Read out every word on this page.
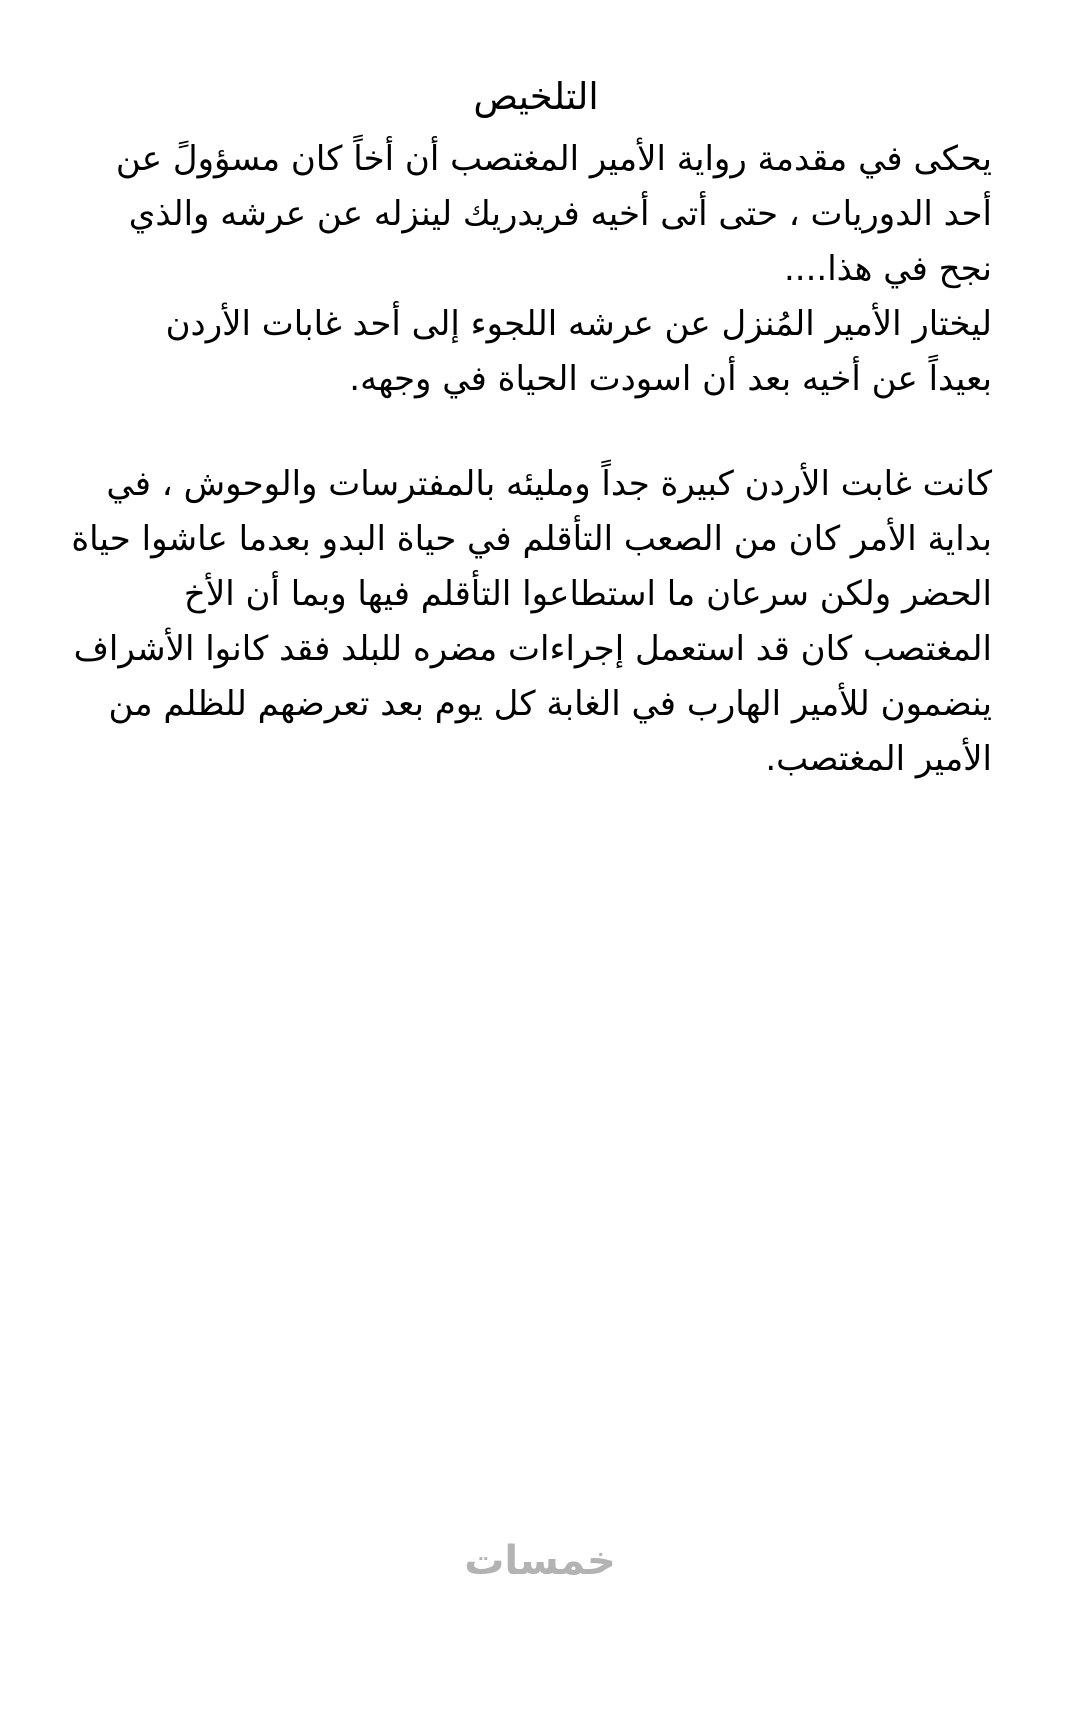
التلخيص
يحكى في مقدمة رواية الأمير المغتصب أن أخاً كان مسؤولً عن
أحد الدوريات ، حتى أتى أخيه فريدريك لينزله عن عرشه والذي
نجح في هذا....
ليختار الأمير المُنزل عن عرشه اللجوء إلى أحد غابات الأردن
بعيداً عن أخيه بعد أن اسودت الحياة في وجهه.
كانت غابت الأردن كبيرة جداً ومليئه بالمفترسات والوحوش ، في
بداية الأمر كان من الصعب التأقلم في حياة البدو بعدما عاشوا حياة
الحضر ولكن سرعان ما استطاعوا التأقلم فيها وبما أن الأخ
المغتصب كان قد استعمل إجراءات مضره للبلد فقد كانوا الأشراف
ينضمون للأمير الهارب في الغابة كل يوم بعد تعرضهم للظلم من
الأمير المغتصب.
خمسات
